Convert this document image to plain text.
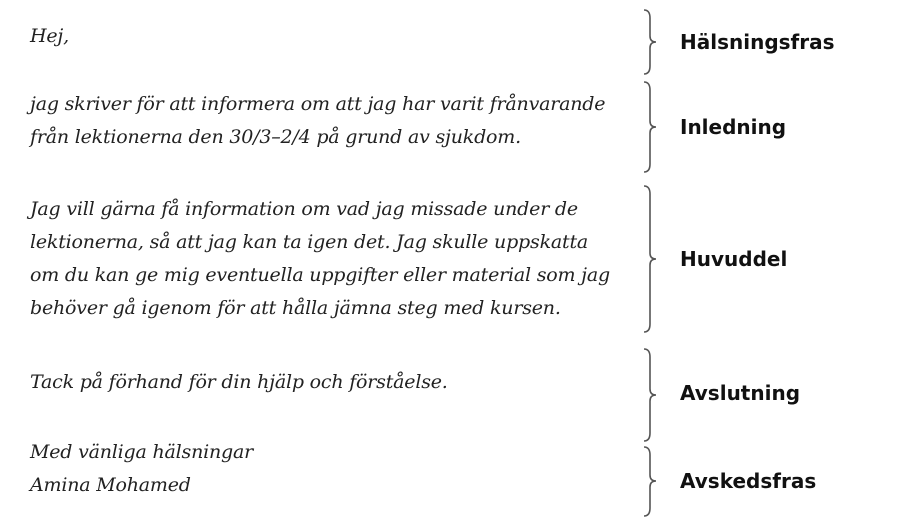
Hej,
jag skriver för att informera om att jag har varit frånvarande
från lektionerna den 30/3–2/4 på grund av sjukdom.
Jag vill gärna få information om vad jag missade under de
lektionerna, så att jag kan ta igen det. Jag skulle uppskatta
om du kan ge mig eventuella uppgifter eller material som jag
behöver gå igenom för att hålla jämna steg med kursen.
Tack på förhand för din hjälp och förståelse.
Med vänliga hälsningar
Amina Mohamed
Hälsningsfras
Inledning
Huvuddel
Avslutning
Avskedsfras
